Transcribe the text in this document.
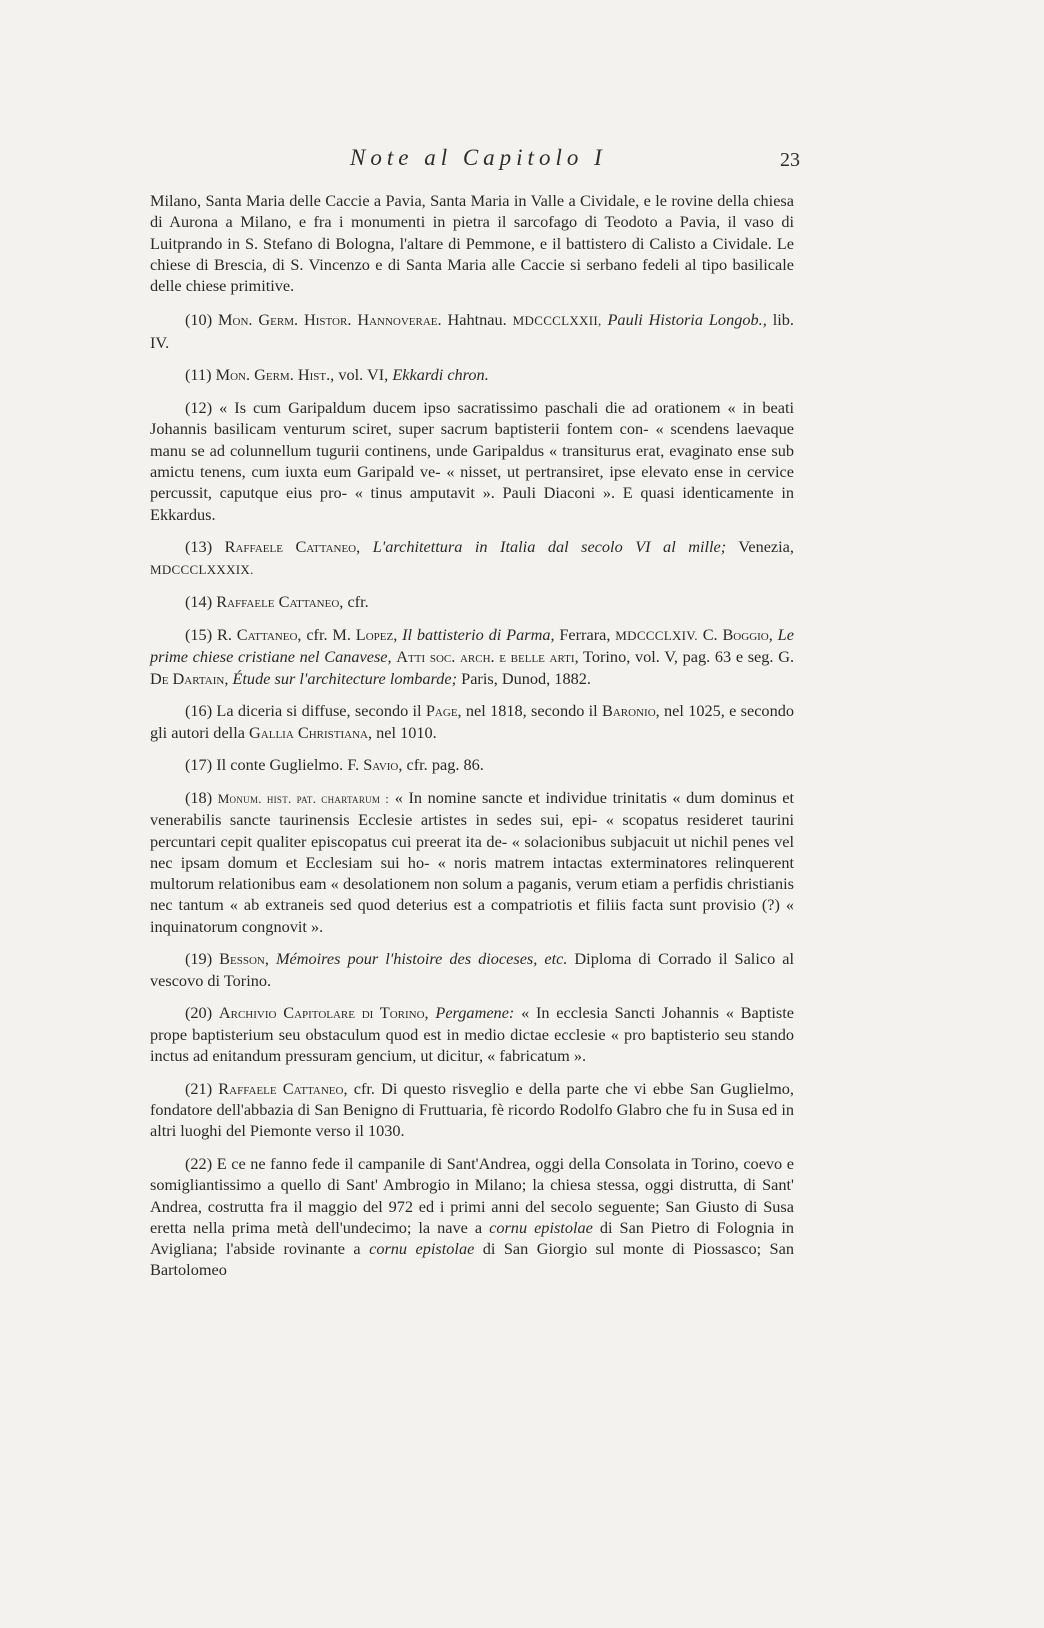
Note al Capitolo I	23

Milano, Santa Maria delle Caccie a Pavia, Santa Maria in Valle a Cividale, e le rovine della chiesa di Aurona a Milano, e fra i monumenti in pietra il sarcofago di Teodoto a Pavia, il vaso di Luitprando in S. Stefano di Bologna, l'altare di Pemmone, e il battistero di Calisto a Cividale. Le chiese di Brescia, di S. Vincenzo e di Santa Maria alle Caccie si serbano fedeli al tipo basilicale delle chiese primitive.

(10) Mon. Germ. Histor. Hannoverae. Hahtnau. MDCCCLXXII, Pauli Historia Longob., lib. IV.

(11) Mon. Germ. Hist., vol. VI, Ekkardi chron.

(12) « Is cum Garipaldum ducem ipso sacratissimo paschali die ad orationem « in beati Johannis basilicam venturum sciret, super sacrum baptisterii fontem con- « scendens laevaque manu se ad colunnellum tugurii continens, unde Garipaldus « transiturus erat, evaginato ense sub amictu tenens, cum iuxta eum Garipald ve- « nisset, ut pertransiret, ipse elevato ense in cervice percussit, caputque eius pro- « tinus amputavit ». Pauli Diaconi ». E quasi identicamente in Ekkardus.

(13) Raffaele Cattaneo, L'architettura in Italia dal secolo VI al mille; Venezia, MDCCCLXXXIX.

(14) Raffaele Cattaneo, cfr.

(15) R. Cattaneo, cfr. M. Lopez, Il battisterio di Parma, Ferrara, MDCCCLXIV. C. Boggio, Le prime chiese cristiane nel Canavese, Atti soc. arch. e belle arti, Torino, vol. V, pag. 63 e seg. G. De Dartain, Étude sur l'architecture lombarde; Paris, Dunod, 1882.

(16) La diceria si diffuse, secondo il Page, nel 1818, secondo il Baronio, nel 1025, e secondo gli autori della Gallia Christiana, nel 1010.

(17) Il conte Guglielmo. F. Savio, cfr. pag. 86.

(18) Monum. hist. pat. chartarum : « In nomine sancte et individue trinitatis « dum dominus et venerabilis sancte taurinensis Ecclesie artistes in sedes sui, epi- « scopatus resideret taurini percuntari cepit qualiter episcopatus cui preerat ita de- « solacionibus subjacuit ut nichil penes vel nec ipsam domum et Ecclesiam sui ho- « noris matrem intactas exterminatores relinquerent multorum relationibus eam « desolationem non solum a paganis, verum etiam a perfidis christianis nec tantum « ab extraneis sed quod deterius est a compatriotis et filiis facta sunt provisio (?) « inquinatorum congnovit ».

(19) Besson, Mémoires pour l'histoire des dioceses, etc. Diploma di Corrado il Salico al vescovo di Torino.

(20) Archivio Capitolare di Torino, Pergamene: « In ecclesia Sancti Johannis « Baptiste prope baptisterium seu obstaculum quod est in medio dictae ecclesie « pro baptisterio seu stando inctus ad enitandum pressuram gencium, ut dicitur, « fabricatum ».

(21) Raffaele Cattaneo, cfr. Di questo risveglio e della parte che vi ebbe San Guglielmo, fondatore dell'abbazia di San Benigno di Fruttuaria, fè ricordo Rodolfo Glabro che fu in Susa ed in altri luoghi del Piemonte verso il 1030.

(22) E ce ne fanno fede il campanile di Sant'Andrea, oggi della Consolata in Torino, coevo e somigliantissimo a quello di Sant' Ambrogio in Milano; la chiesa stessa, oggi distrutta, di Sant' Andrea, costrutta fra il maggio del 972 ed i primi anni del secolo seguente; San Giusto di Susa eretta nella prima metà dell'undecimo; la nave a cornu epistolae di San Pietro di Folognia in Avigliana; l'abside rovinante a cornu epistolae di San Giorgio sul monte di Piossasco; San Bartolomeo
